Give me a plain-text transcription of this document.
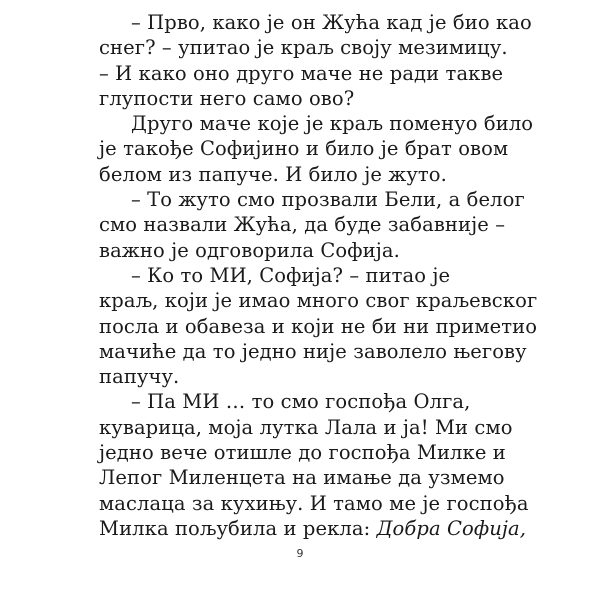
– Прво, како је он Жућа кад је био као
снег? – упитао је краљ своју мезимицу.
– И како оно друго маче не ради такве
глупости него само ово?
Друго маче које је краљ поменуо било
је такође Софијино и било је брат овом
белом из папуче. И било је жуто.
– То жуто смо прозвали Бели, а белог
смо назвали Жућа, да буде забавније –
важно је одговорила Софија.
– Ко то МИ, Софија? – питао је
краљ, који је имао много свог краљевског
посла и обавеза и који не би ни приметио
мачиће да то једно није заволело његову
папучу.
– Па МИ … то смо госпођа Олга,
куварица, моја лутка Лала и ја! Ми смо
једно вече отишле до госпођа Милке и
Лепог Миленцета на имање да узмемо
маслаца за кухињу. И тамо ме је госпођа
Милка пољубила и рекла: Добра Софија,
9
